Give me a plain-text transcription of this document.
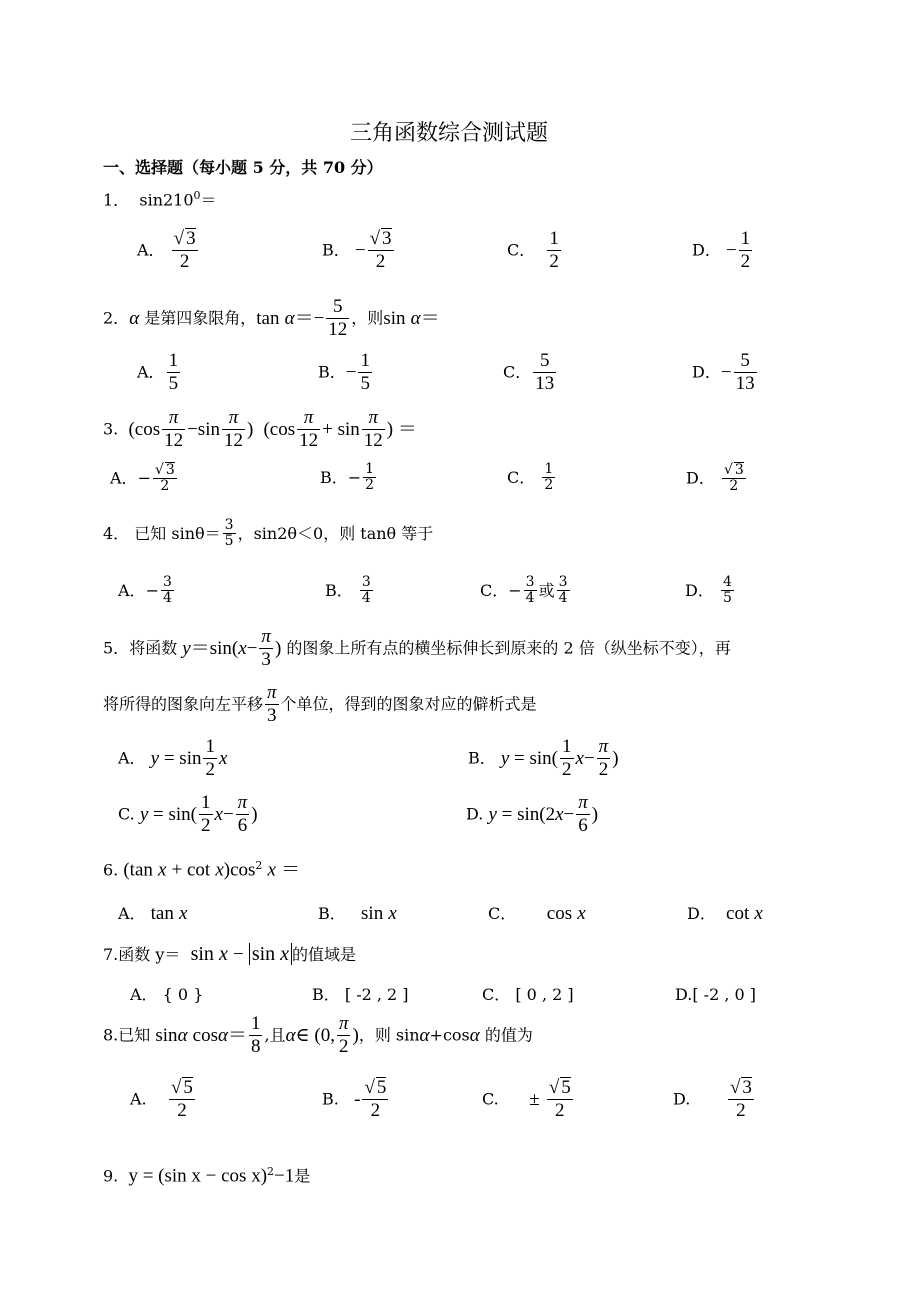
三角函数综合测试题
一、选择题（每小题 5 分，共 70 分）
1． $\sin 210^0=$
A． $\frac{√ 3}{2}$	B． − $\frac{√ 3}{2}$	C． $\frac{1}{2}$	D． − $\frac{1}{2}$
2．α 是第四象限角，$\tan \alpha=- \frac{5}{12}$ ，则sin α＝
A． $\frac{1}{5}$	B．− $\frac{1}{5}$	C． $\frac{5}{13}$	D．− $\frac{5}{13}$
3. ($\cos \frac{\pi}{12} -\sin \frac{\pi}{12}$ ) ($\cos \frac{\pi}{12} + \sin \frac{\pi}{12}$ ) ＝
A．− $\frac{√ 3}{2}$	B．− $\frac{1}{2}$	C． $\frac{1}{2}$	D． $\frac{√ 3}{2}$
4． 已知 $\sin\theta= \frac{3}{5}$ ，sin2θ＜0，则 tanθ 等于
A．− $\frac{3}{4}$	B． $\frac{3}{4}$	C．− $\frac{3}{4}$ 或 $\frac{3}{4}$	D． $\frac{4}{5}$
5．将函数 $y=\sin(x- \frac{\pi}{3}$ ) 的图象上所有点的横坐标伸长到原来的 2 倍（纵坐标不变），再
将所得的图象向左平移 $\frac{\pi}{3}$ 个单位，得到的图象对应的僻析式是
A． $y = \sin \frac{1}{2}$ x	B． $y = \sin( \frac{1}{2} x- \frac{\pi}{2}$ )
C. $y = \sin( \frac{1}{2} x- \frac{\pi}{6}$ )	D. $y = \sin(2x- \frac{\pi}{6}$ )
6. (tan $x + \cot x)\cos^2$ x ＝
A． tan x	B． sin x	C． cos x	D． cot x
7.函数 y＝ sin x − sin x 的值域是
A． { 0 }	B． [ -2 , 2 ]	C． [ 0 , 2 ]	D.[ -2 , 0 ]
8.已知 sinα $\cos\alpha= \frac{1}{8}$ ,且α∈ (0, $\frac{\pi}{2}$ )，则 sinα+cosα 的值为
A. $\frac{√ 5}{2}$	B. - $\frac{√ 5}{2}$	C. ± $\frac{√ 5}{2}$	D. $\frac{√ 3}{2}$
9. y = (sin x − cos x)$^2$−1是
